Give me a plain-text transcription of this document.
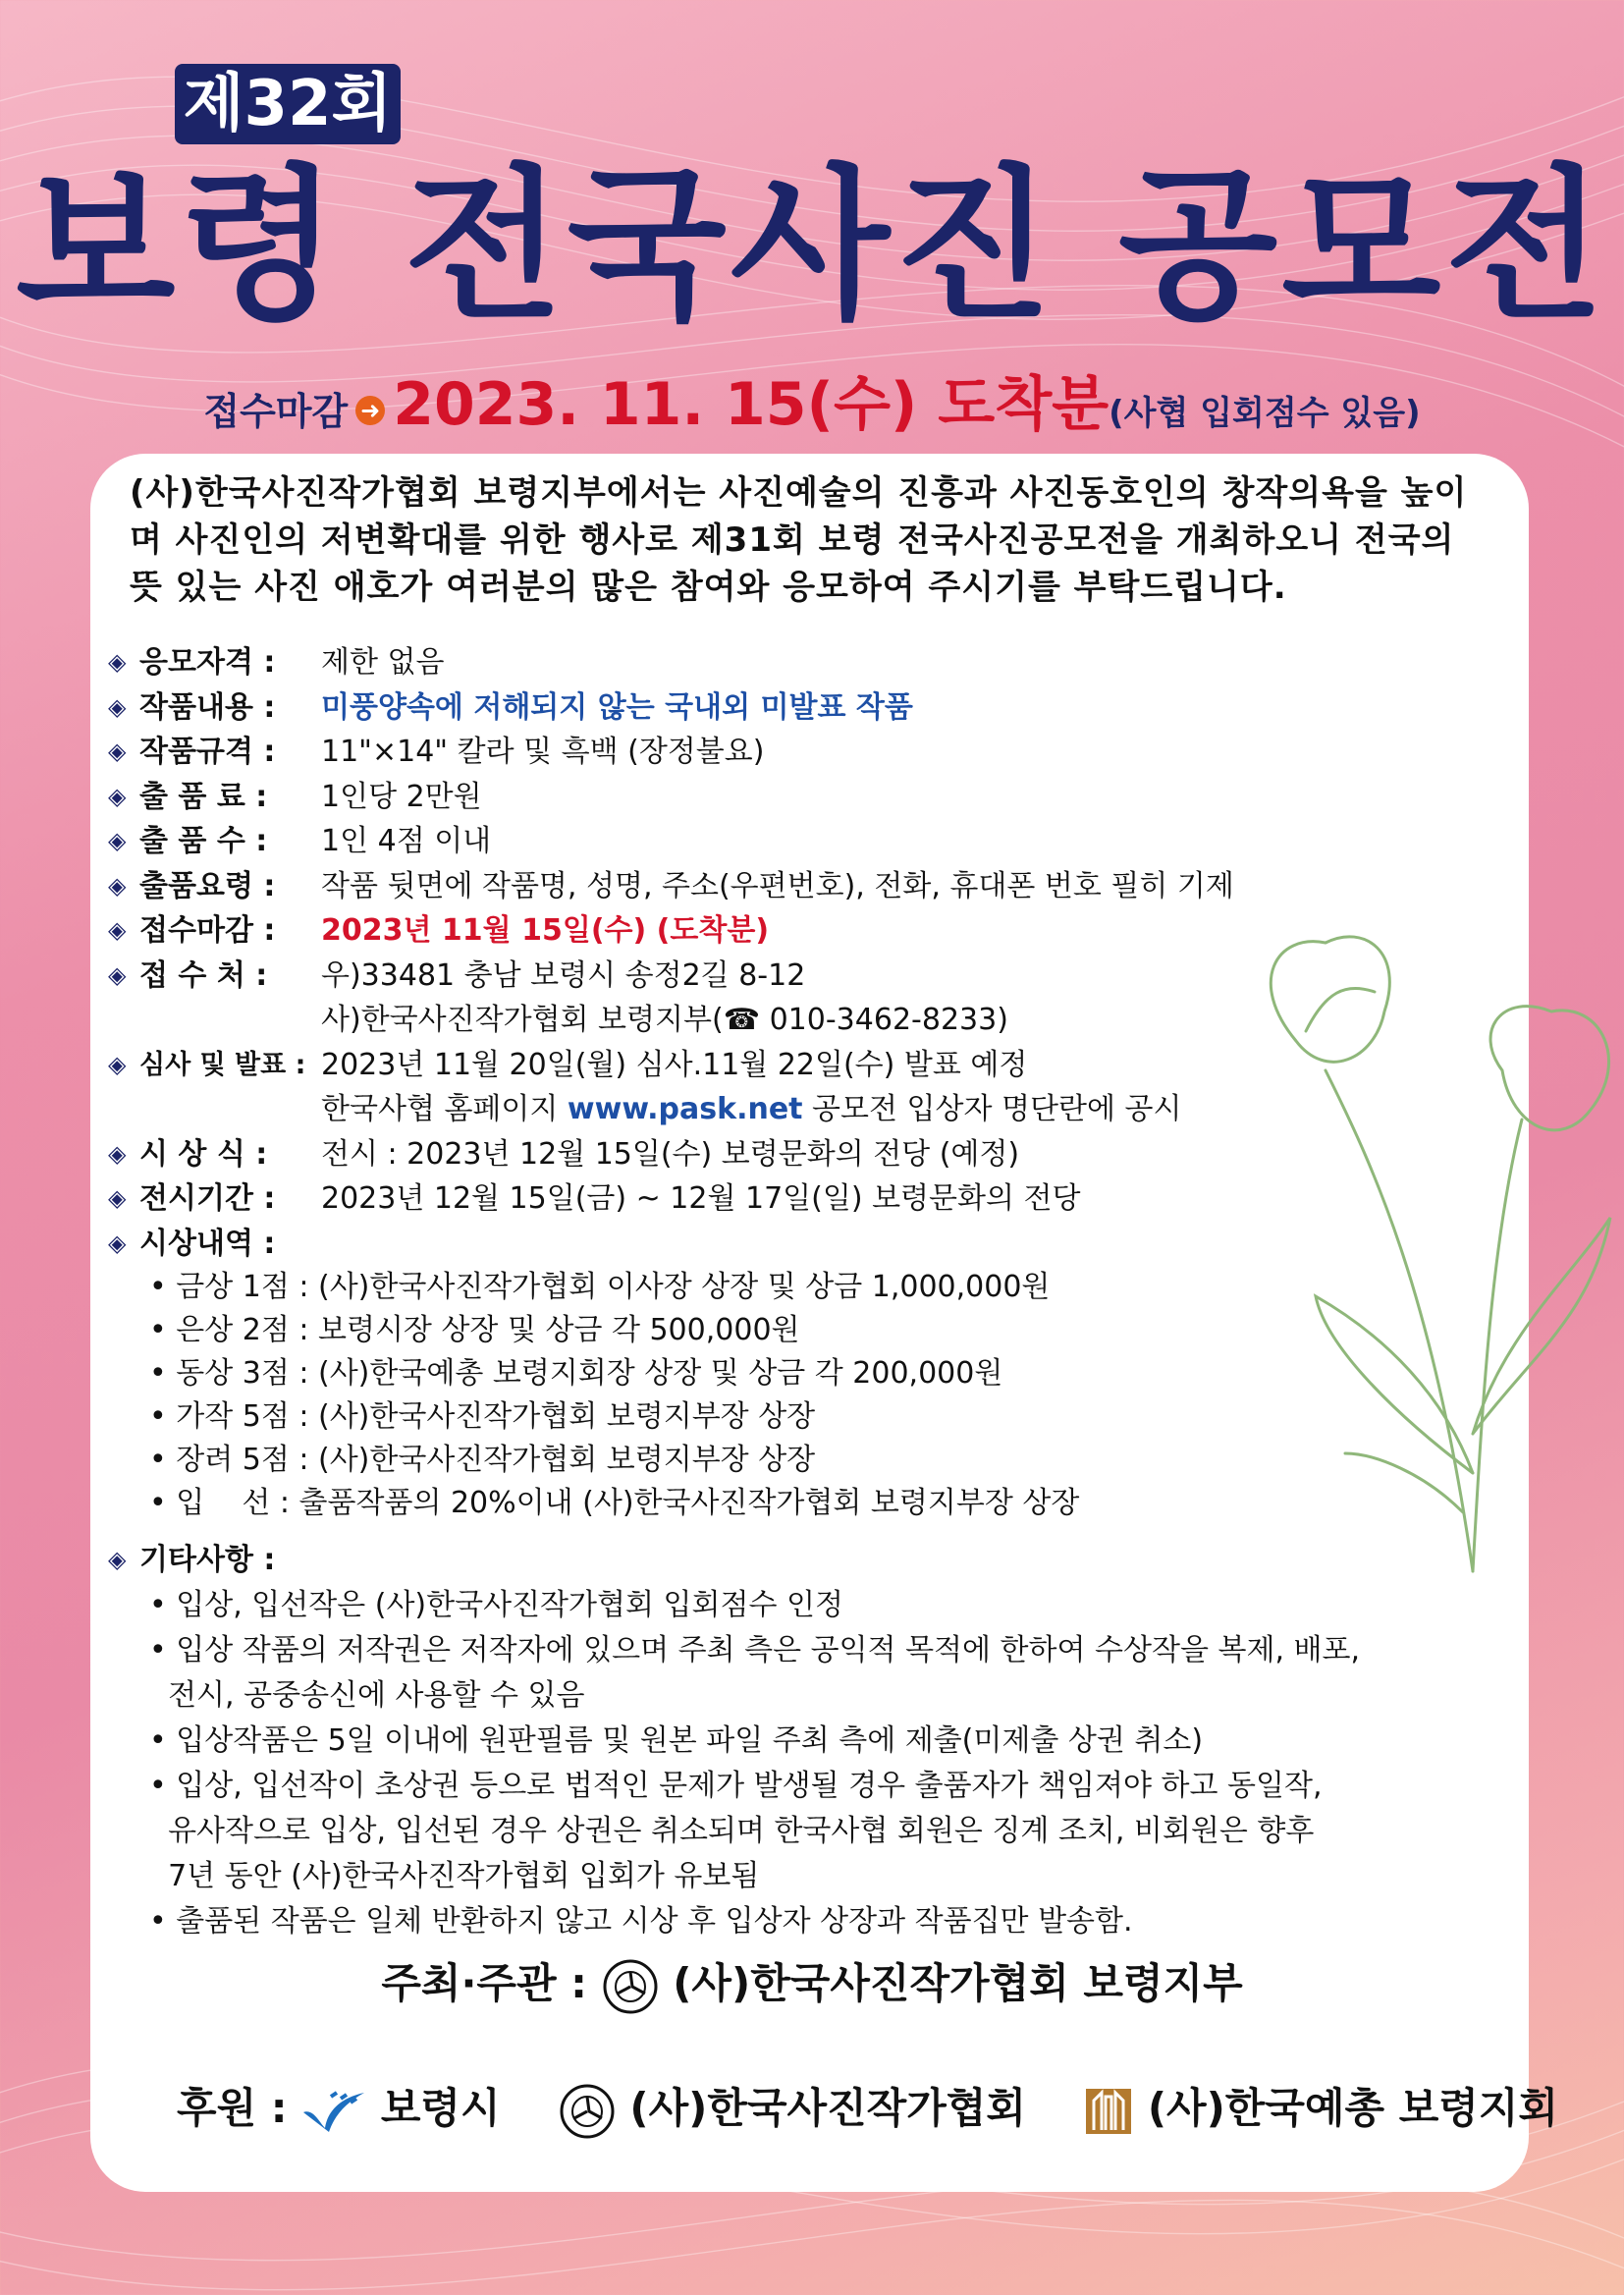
제32회
보령 전국사진 공모전
접수마감 ➜ 2023. 11. 15(수) 도착분(사협 입회점수 있음)
(사)한국사진작가협회 보령지부에서는 사진예술의 진흥과 사진동호인의 창작의욕을 높이며 사진인의 저변확대를 위한 행사로 제31회 보령 전국사진공모전을 개최하오니 전국의 뜻 있는 사진 애호가 여러분의 많은 참여와 응모하여 주시기를 부탁드립니다.
◈ 응모자격 :	제한 없음
◈ 작품내용 :	미풍양속에 저해되지 않는 국내외 미발표 작품
◈ 작품규격 :	11"×14" 칼라 및 흑백 (장정불요)
◈ 출 품 료 :	1인당 2만원
◈ 출 품 수 :	1인 4점 이내
◈ 출품요령 :	작품 뒷면에 작품명, 성명, 주소(우편번호), 전화, 휴대폰 번호 필히 기제
◈ 접수마감 :	2023년 11월 15일(수) (도착분)
◈ 접 수 처 :	우)33481 충남 보령시 송정2길 8-12
사)한국사진작가협회 보령지부(☎ 010-3462-8233)
◈ 심사 및 발표 : 2023년 11월 20일(월) 심사.11월 22일(수) 발표 예정
한국사협 홈페이지 www.pask.net 공모전 입상자 명단란에 공시
◈ 시 상 식 :	전시 : 2023년 12월 15일(수) 보령문화의 전당 (예정)
◈ 전시기간 :	2023년 12월 15일(금) ~ 12월 17일(일) 보령문화의 전당
◈ 시상내역 :
• 금상 1점 : (사)한국사진작가협회 이사장 상장 및 상금 1,000,000원
• 은상 2점 : 보령시장 상장 및 상금 각 500,000원
• 동상 3점 : (사)한국예총 보령지회장 상장 및 상금 각 200,000원
• 가작 5점 : (사)한국사진작가협회 보령지부장 상장
• 장려 5점 : (사)한국사진작가협회 보령지부장 상장
• 입    선 : 출품작품의 20%이내 (사)한국사진작가협회 보령지부장 상장
◈ 기타사항 :
• 입상, 입선작은 (사)한국사진작가협회 입회점수 인정
• 입상 작품의 저작권은 저작자에 있으며 주최 측은 공익적 목적에 한하여 수상작을 복제, 배포,
전시, 공중송신에 사용할 수 있음
• 입상작품은 5일 이내에 원판필름 및 원본 파일 주최 측에 제출(미제출 상권 취소)
• 입상, 입선작이 초상권 등으로 법적인 문제가 발생될 경우 출품자가 책임져야 하고 동일작,
유사작으로 입상, 입선된 경우 상권은 취소되며 한국사협 회원은 징계 조치, 비회원은 향후
7년 동안 (사)한국사진작가협회 입회가 유보됨
• 출품된 작품은 일체 반환하지 않고 시상 후 입상자 상장과 작품집만 발송함.
주최·주관 : (사)한국사진작가협회 보령지부
후원 : 보령시	(사)한국사진작가협회	(사)한국예총 보령지회
